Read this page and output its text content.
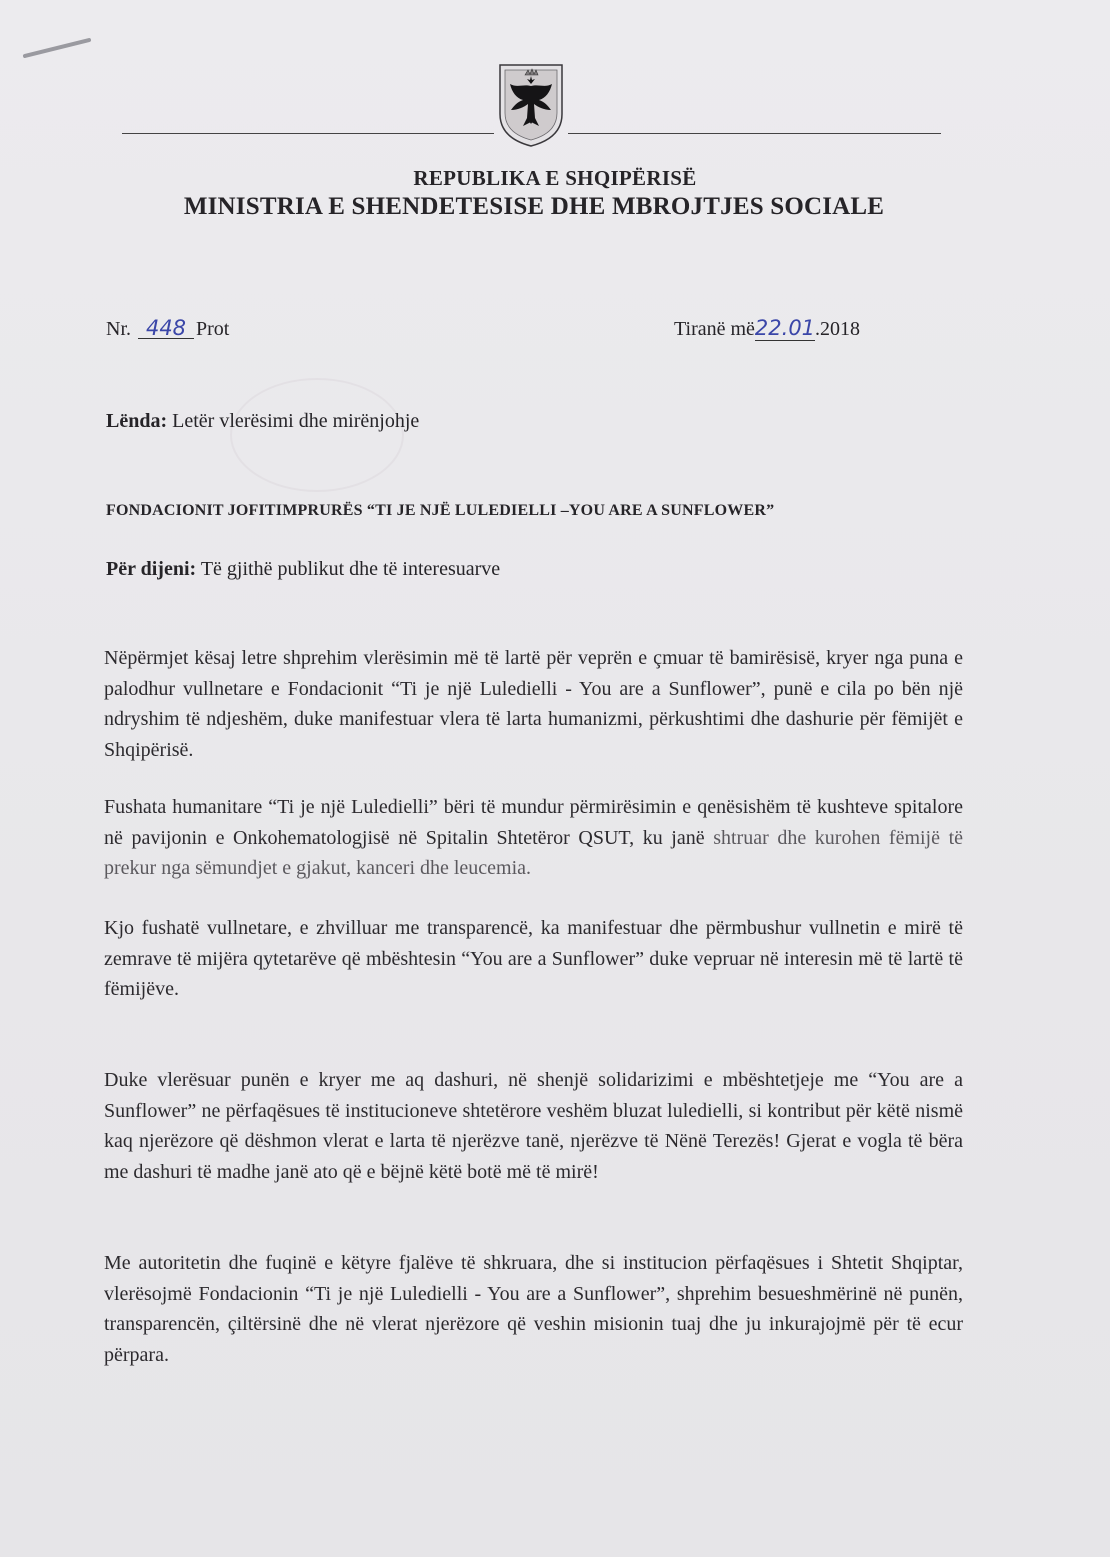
REPUBLIKA E SHQIPËRISË
MINISTRIA E SHENDETESISE DHE MBROJTJES SOCIALE
Nr. 448 Prot	Tiranë më22.01.2018
Lënda: Letër vlerësimi dhe mirënjohje
FONDACIONIT JOFITIMPRURËS “TI JE NJË LULEDIELLI –YOU ARE A SUNFLOWER”
Për dijeni: Të gjithë publikut dhe të interesuarve

Nëpërmjet kësaj letre shprehim vlerësimin më të lartë për veprën e çmuar të bamirësisë, kryer nga puna e palodhur vullnetare e Fondacionit “Ti je një Luledielli - You are a Sunflower”, punë e cila po bën një ndryshim të ndjeshëm, duke manifestuar vlera të larta humanizmi, përkushtimi dhe dashurie për fëmijët e Shqipërisë.

Fushata humanitare “Ti je një Luledielli” bëri të mundur përmirësimin e qenësishëm të kushteve spitalore në pavijonin e Onkohematologjisë në Spitalin Shtetëror QSUT, ku janë shtruar dhe kurohen fëmijë të prekur nga sëmundjet e gjakut, kanceri dhe leucemia.

Kjo fushatë vullnetare, e zhvilluar me transparencë, ka manifestuar dhe përmbushur vullnetin e mirë të zemrave të mijëra qytetarëve që mbështesin “You are a Sunflower” duke vepruar në interesin më të lartë të fëmijëve.

Duke vlerësuar punën e kryer me aq dashuri, në shenjë solidarizimi e mbështetjeje me “You are a Sunflower” ne përfaqësues të institucioneve shtetërore veshëm bluzat luledielli, si kontribut për këtë nismë kaq njerëzore që dëshmon vlerat e larta të njerëzve tanë, njerëzve të Nënë Terezës! Gjerat e vogla të bëra me dashuri të madhe janë ato që e bëjnë këtë botë më të mirë!

Me autoritetin dhe fuqinë e këtyre fjalëve të shkruara, dhe si institucion përfaqësues i Shtetit Shqiptar, vlerësojmë Fondacionin “Ti je një Luledielli - You are a Sunflower”, shprehim besueshmërinë në punën, transparencën, çiltërsinë dhe në vlerat njerëzore që veshin misionin tuaj dhe ju inkurajojmë për të ecur përpara.
